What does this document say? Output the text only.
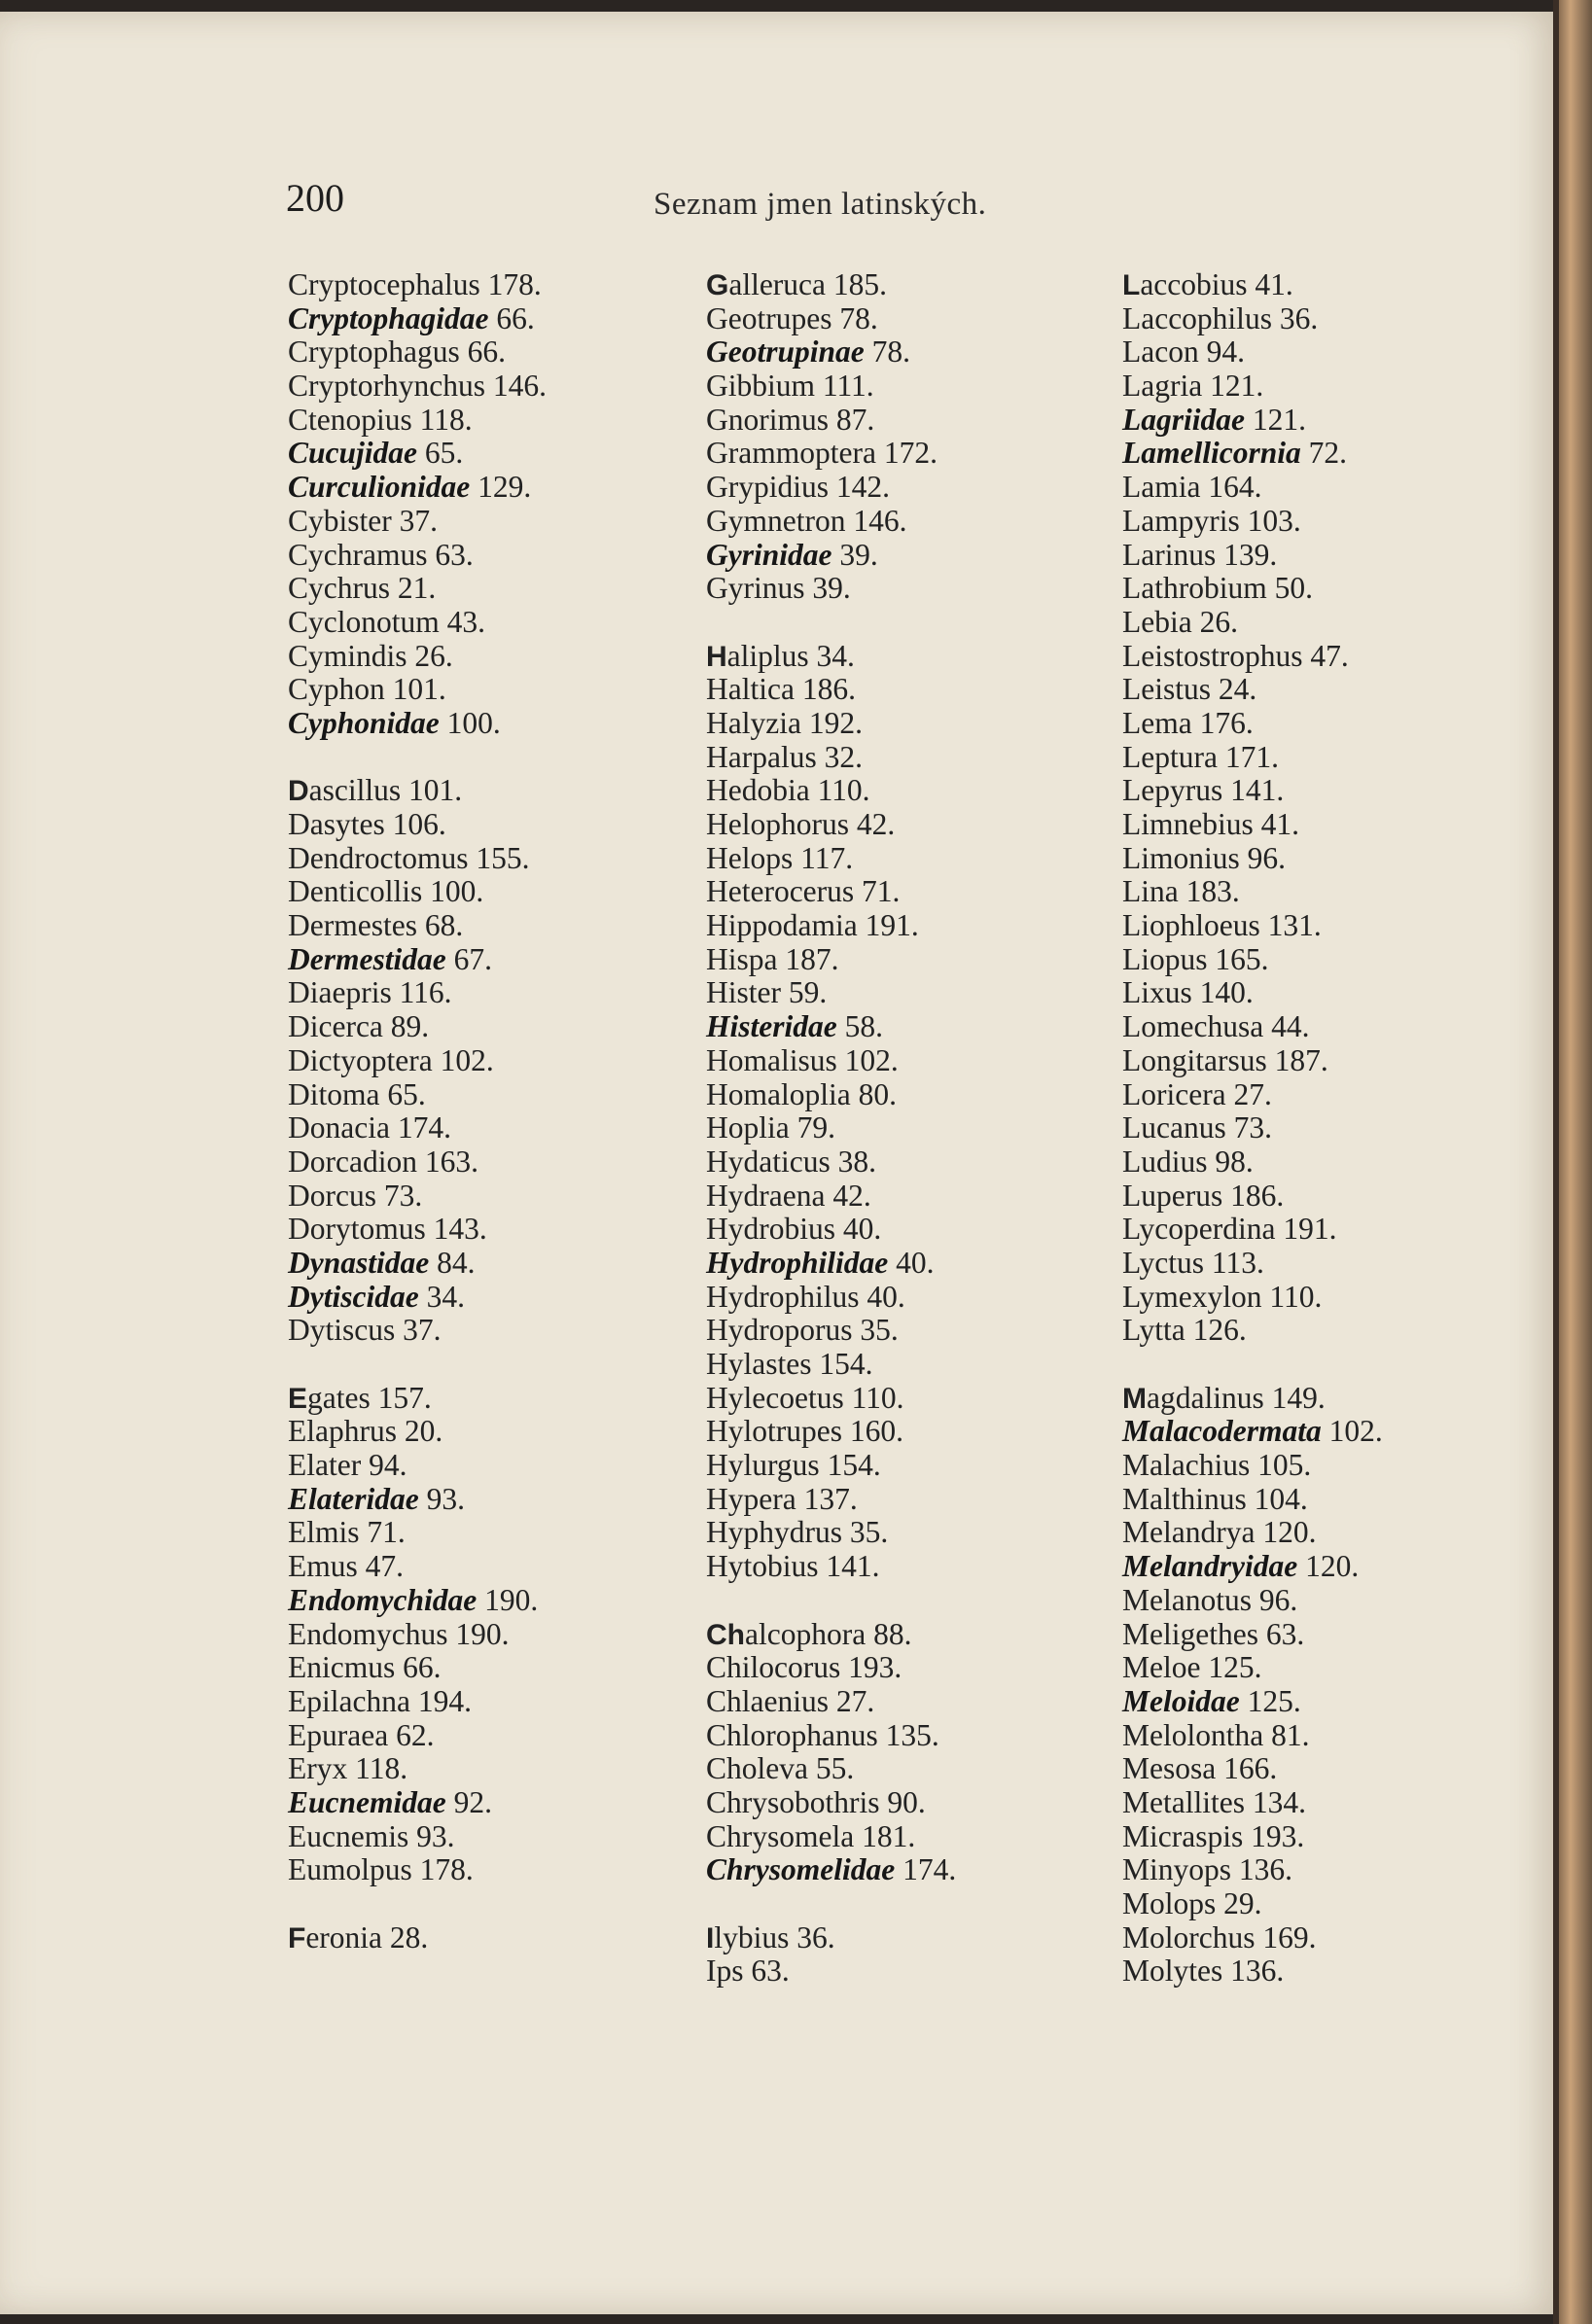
200	Seznam jmen latinských.
Cryptocephalus 178.
Cryptophagidae 66.
Cryptophagus 66.
Cryptorhynchus 146.
Ctenopius 118.
Cucujidae 65.
Curculionidae 129.
Cybister 37.
Cychramus 63.
Cychrus 21.
Cyclonotum 43.
Cymindis 26.
Cyphon 101.
Cyphonidae 100.
Dascillus 101.
Dasytes 106.
Dendroctomus 155.
Denticollis 100.
Dermestes 68.
Dermestidae 67.
Diaepris 116.
Dicerca 89.
Dictyoptera 102.
Ditoma 65.
Donacia 174.
Dorcadion 163.
Dorcus 73.
Dorytomus 143.
Dynastidae 84.
Dytiscidae 34.
Dytiscus 37.
Egates 157.
Elaphrus 20.
Elater 94.
Elateridae 93.
Elmis 71.
Emus 47.
Endomychidae 190.
Endomychus 190.
Enicmus 66.
Epilachna 194.
Epuraea 62.
Eryx 118.
Eucnemidae 92.
Eucnemis 93.
Eumolpus 178.
Feronia 28.
Galleruca 185.
Geotrupes 78.
Geotrupinae 78.
Gibbium 111.
Gnorimus 87.
Grammoptera 172.
Grypidius 142.
Gymnetron 146.
Gyrinidae 39.
Gyrinus 39.
Haliplus 34.
Haltica 186.
Halyzia 192.
Harpalus 32.
Hedobia 110.
Helophorus 42.
Helops 117.
Heterocerus 71.
Hippodamia 191.
Hispa 187.
Hister 59.
Histeridae 58.
Homalisus 102.
Homaloplia 80.
Hoplia 79.
Hydaticus 38.
Hydraena 42.
Hydrobius 40.
Hydrophilidae 40.
Hydrophilus 40.
Hydroporus 35.
Hylastes 154.
Hylecoetus 110.
Hylotrupes 160.
Hylurgus 154.
Hypera 137.
Hyphydrus 35.
Hytobius 141.
Chalcophora 88.
Chilocorus 193.
Chlaenius 27.
Chlorophanus 135.
Choleva 55.
Chrysobothris 90.
Chrysomela 181.
Chrysomelidae 174.
Ilybius 36.
Ips 63.
Laccobius 41.
Laccophilus 36.
Lacon 94.
Lagria 121.
Lagriidae 121.
Lamellicornia 72.
Lamia 164.
Lampyris 103.
Larinus 139.
Lathrobium 50.
Lebia 26.
Leistostrophus 47.
Leistus 24.
Lema 176.
Leptura 171.
Lepyrus 141.
Limnebius 41.
Limonius 96.
Lina 183.
Liophloeus 131.
Liopus 165.
Lixus 140.
Lomechusa 44.
Longitarsus 187.
Loricera 27.
Lucanus 73.
Ludius 98.
Luperus 186.
Lycoperdina 191.
Lyctus 113.
Lymexylon 110.
Lytta 126.
Magdalinus 149.
Malacodermata 102.
Malachius 105.
Malthinus 104.
Melandrya 120.
Melandryidae 120.
Melanotus 96.
Meligethes 63.
Meloe 125.
Meloidae 125.
Melolontha 81.
Mesosa 166.
Metallites 134.
Micraspis 193.
Minyops 136.
Molops 29.
Molorchus 169.
Molytes 136.
